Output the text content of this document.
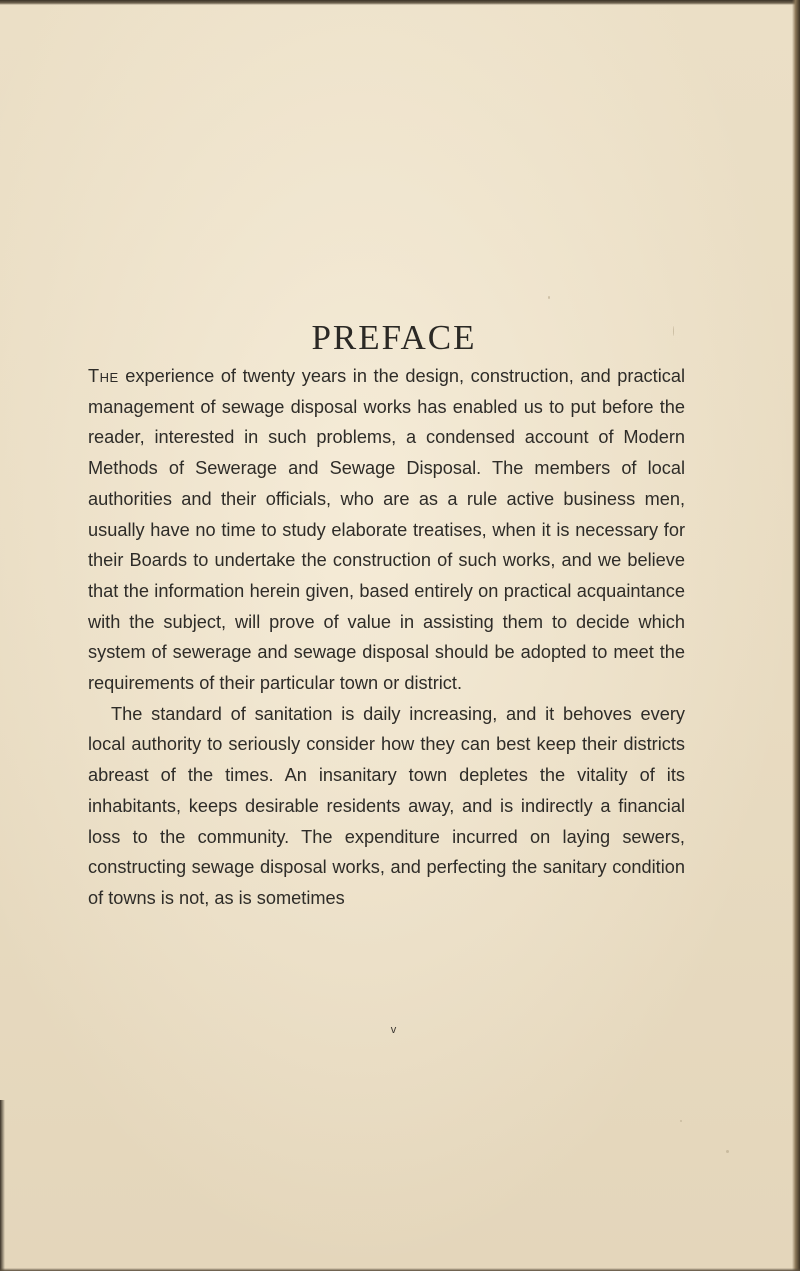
PREFACE

The experience of twenty years in the design, construction, and practical management of sewage disposal works has enabled us to put before the reader, interested in such problems, a condensed account of Modern Methods of Sewerage and Sewage Disposal. The members of local authorities and their officials, who are as a rule active business men, usually have no time to study elaborate treatises, when it is necessary for their Boards to undertake the construction of such works, and we believe that the information herein given, based entirely on practical acquaintance with the subject, will prove of value in assisting them to decide which system of sewerage and sewage disposal should be adopted to meet the requirements of their particular town or district.

The standard of sanitation is daily increasing, and it behoves every local authority to seriously consider how they can best keep their districts abreast of the times. An insanitary town depletes the vitality of its inhabitants, keeps desirable residents away, and is indirectly a financial loss to the community. The expenditure incurred on laying sewers, constructing sewage disposal works, and perfecting the sanitary condition of towns is not, as is sometimes

v
